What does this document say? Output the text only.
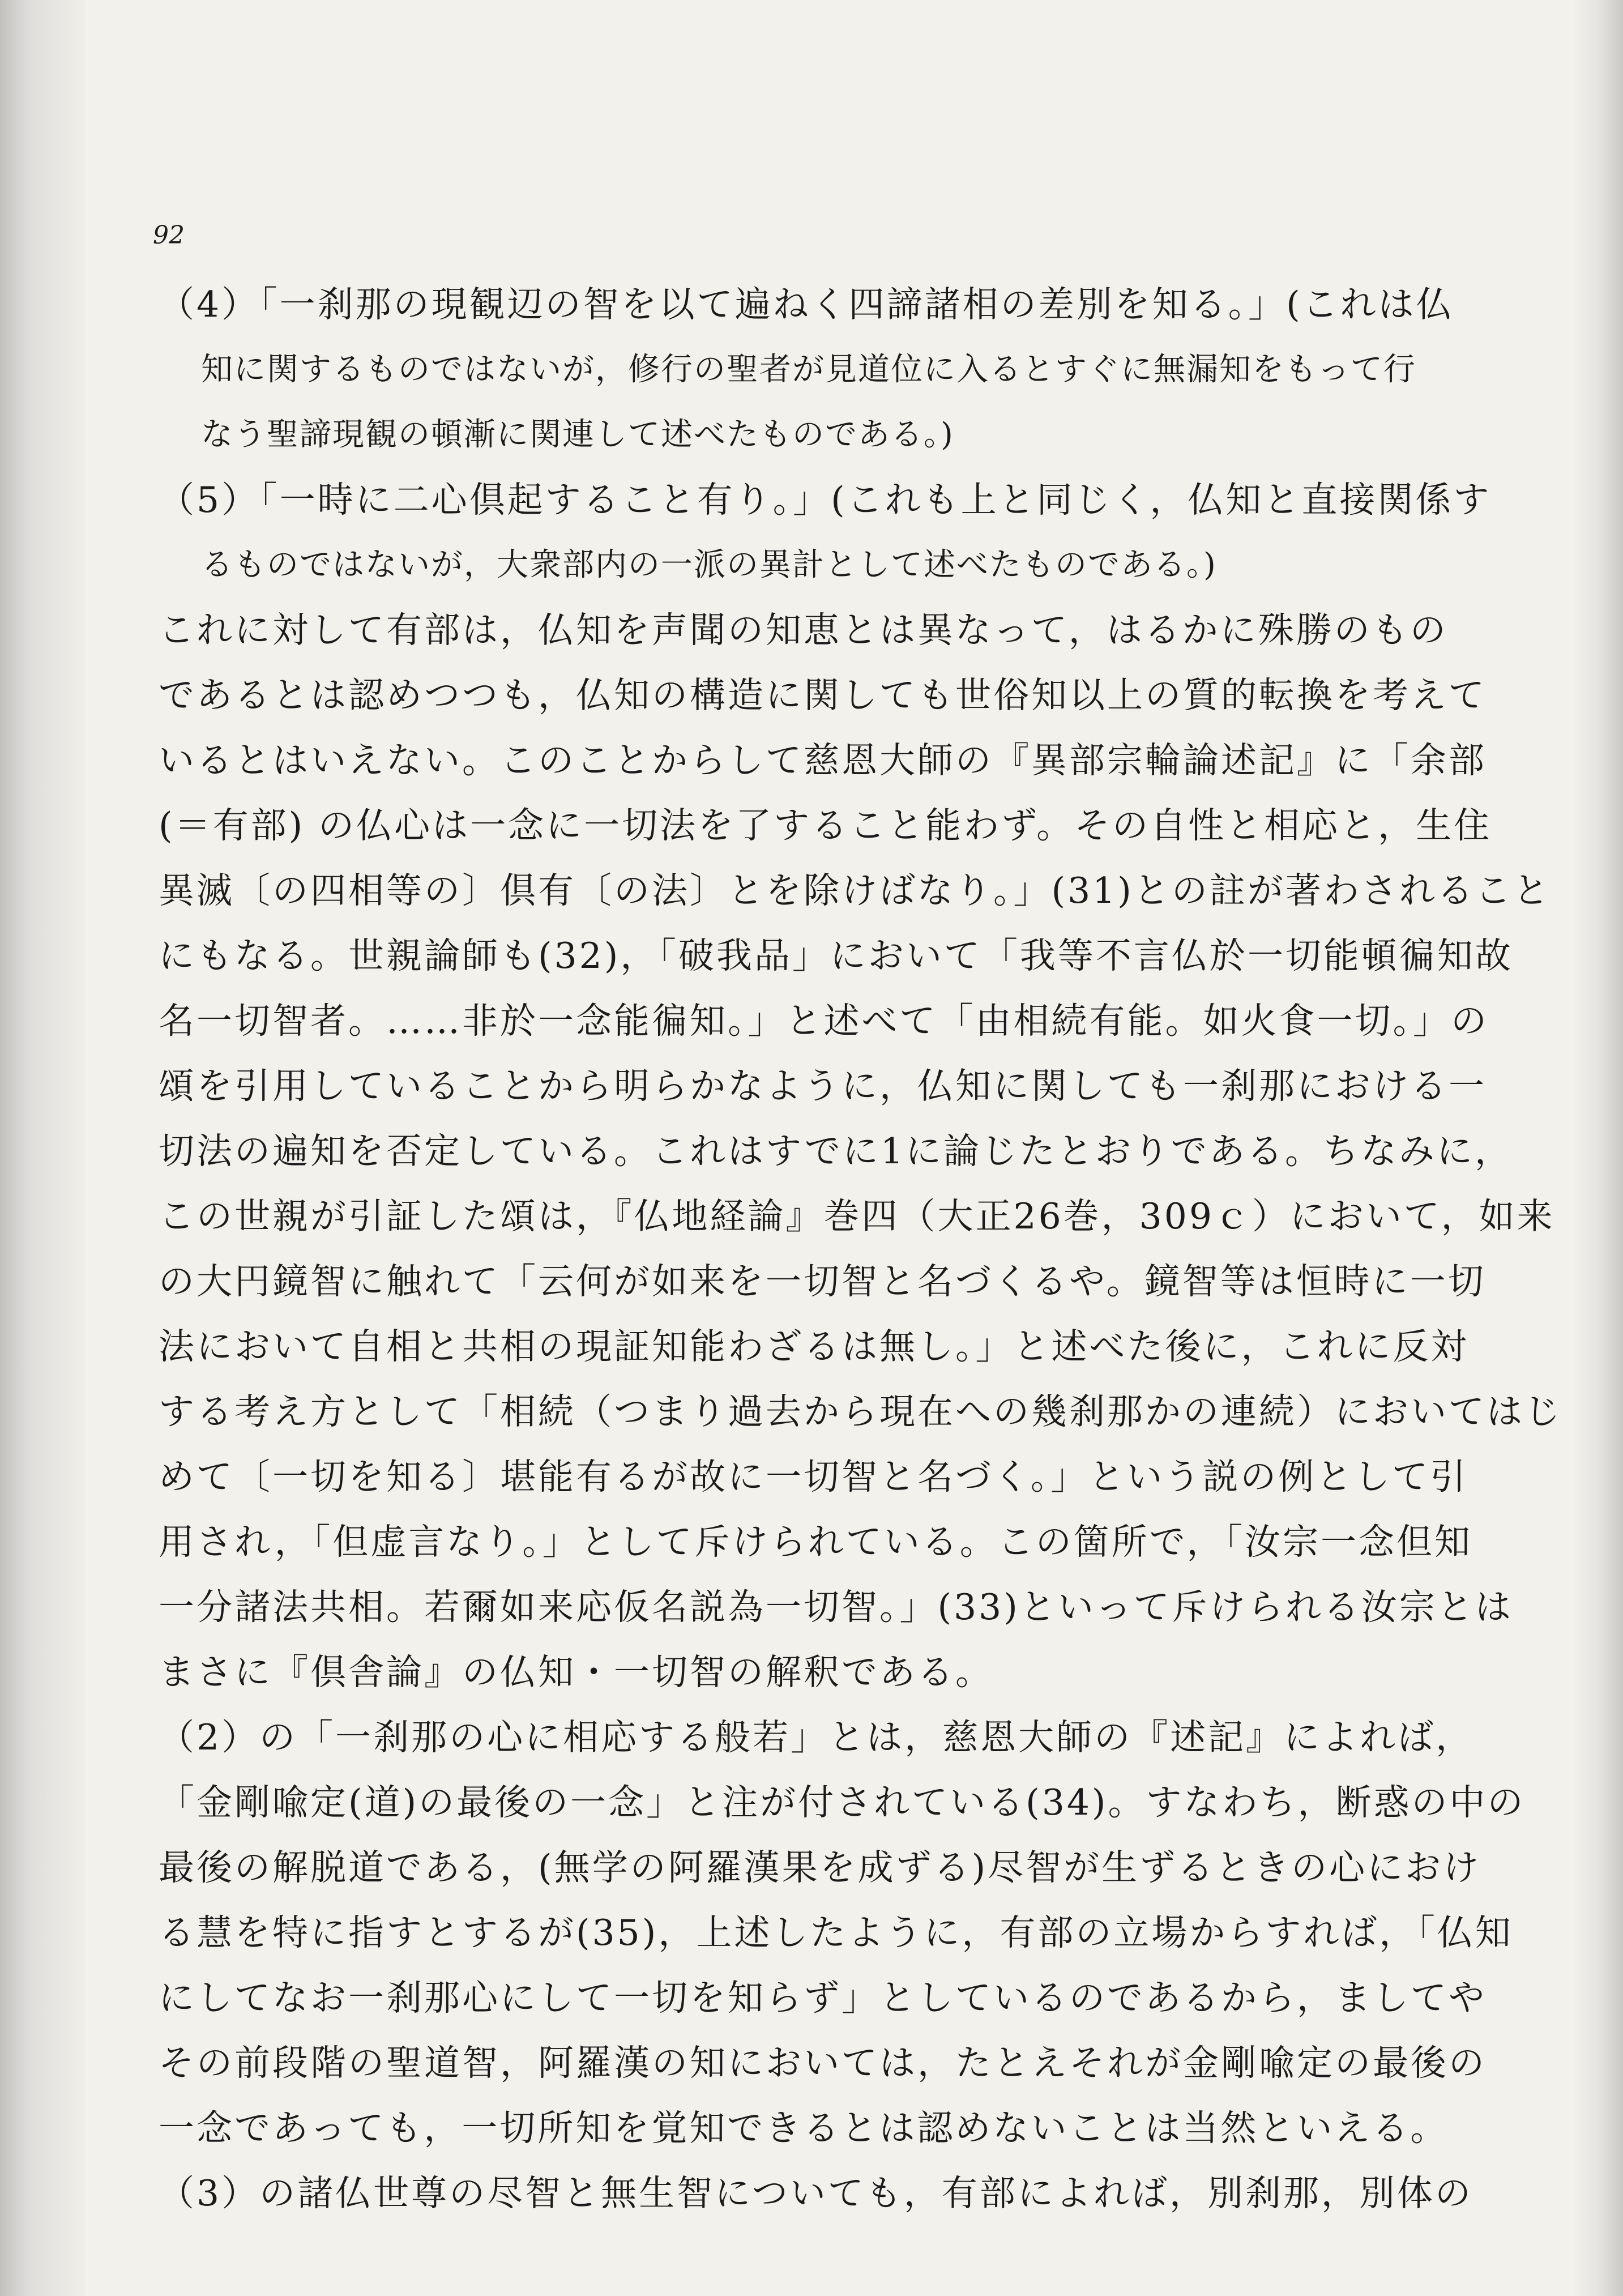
92
（4）「一刹那の現観辺の智を以て遍ねく四諦諸相の差別を知る。」(これは仏
知に関するものではないが，修行の聖者が見道位に入るとすぐに無漏知をもって行
なう聖諦現観の頓漸に関連して述べたものである。)
（5）「一時に二心倶起すること有り。」(これも上と同じく，仏知と直接関係す
るものではないが，大衆部内の一派の異計として述べたものである。)
これに対して有部は，仏知を声聞の知恵とは異なって，はるかに殊勝のもの
であるとは認めつつも，仏知の構造に関しても世俗知以上の質的転換を考えて
いるとはいえない。このことからして慈恩大師の『異部宗輪論述記』に「余部
(＝有部) の仏心は一念に一切法を了すること能わず。その自性と相応と，生住
異滅〔の四相等の〕倶有〔の法〕とを除けばなり。」(31)との註が著わされること
にもなる。世親論師も(32)，「破我品」において「我等不言仏於一切能頓徧知故
名一切智者。……非於一念能徧知。」と述べて「由相続有能。如火食一切。」の
頌を引用していることから明らかなように，仏知に関しても一刹那における一
切法の遍知を否定している。これはすでに1に論じたとおりである。ちなみに，
この世親が引証した頌は，『仏地経論』巻四（大正26巻，309ｃ）において，如来
の大円鏡智に触れて「云何が如来を一切智と名づくるや。鏡智等は恒時に一切
法において自相と共相の現証知能わざるは無し。」と述べた後に，これに反対
する考え方として「相続（つまり過去から現在への幾刹那かの連続）においてはじ
めて〔一切を知る〕堪能有るが故に一切智と名づく。」という説の例として引
用され，「但虚言なり。」として斥けられている。この箇所で，「汝宗一念但知
一分諸法共相。若爾如来応仮名説為一切智。」(33)といって斥けられる汝宗とは
まさに『倶舎論』の仏知・一切智の解釈である。
（2）の「一刹那の心に相応する般若」とは，慈恩大師の『述記』によれば，
「金剛喩定(道)の最後の一念」と注が付されている(34)。すなわち，断惑の中の
最後の解脱道である，(無学の阿羅漢果を成ずる)尽智が生ずるときの心におけ
る慧を特に指すとするが(35)，上述したように，有部の立場からすれば，「仏知
にしてなお一刹那心にして一切を知らず」としているのであるから，ましてや
その前段階の聖道智，阿羅漢の知においては，たとえそれが金剛喩定の最後の
一念であっても，一切所知を覚知できるとは認めないことは当然といえる。
（3）の諸仏世尊の尽智と無生智についても，有部によれば，別刹那，別体の
